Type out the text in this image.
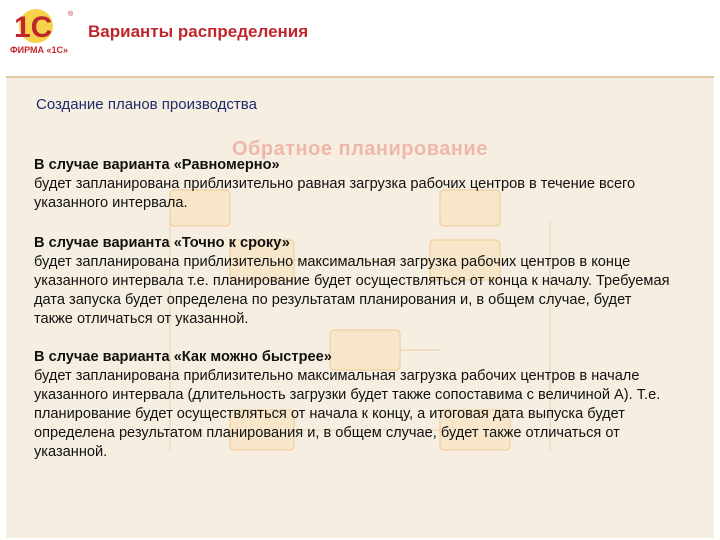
1С ®
ФИРМА «1С»
Варианты распределения
Создание планов производства
Обратное планирование

В случае варианта «Равномерно»
будет запланирована приблизительно равная загрузка рабочих центров в течение всего указанного интервала.

В случае варианта «Точно к сроку»
будет запланирована приблизительно максимальная загрузка рабочих центров в конце указанного интервала т.е. планирование будет осуществляться от конца к началу. Требуемая дата запуска будет определена по результатам планирования и, в общем случае, будет также отличаться от указанной.

В случае варианта «Как можно быстрее»
будет запланирована приблизительно максимальная загрузка рабочих центров в начале указанного интервала (длительность загрузки будет также сопоставима с величиной А). Т.е. планирование будет осуществляться от начала к концу, а итоговая дата выпуска будет определена результатом планирования и, в общем случае, будет также отличаться от указанной.
